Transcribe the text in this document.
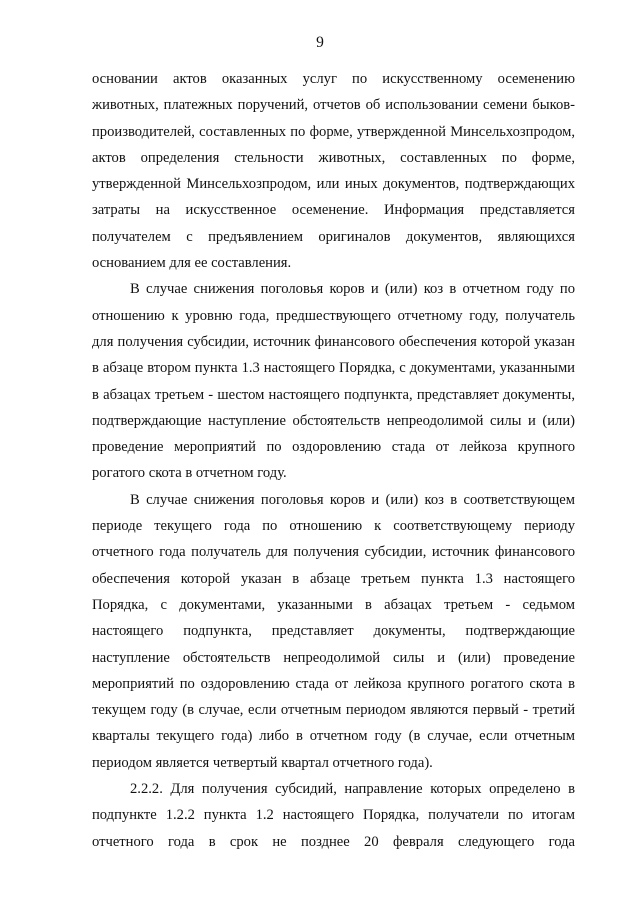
9

основании актов оказанных услуг по искусственному осеменению животных, платежных поручений, отчетов об использовании семени быков-производителей, составленных по форме, утвержденной Минсельхозпродом, актов определения стельности животных, составленных по форме, утвержденной Минсельхозпродом, или иных документов, подтверждающих затраты на искусственное осеменение. Информация представляется получателем с предъявлением оригиналов документов, являющихся основанием для ее составления.

В случае снижения поголовья коров и (или) коз в отчетном году по отношению к уровню года, предшествующего отчетному году, получатель для получения субсидии, источник финансового обеспечения которой указан в абзаце втором пункта 1.3 настоящего Порядка, с документами, указанными в абзацах третьем - шестом настоящего подпункта, представляет документы, подтверждающие наступление обстоятельств непреодолимой силы и (или) проведение мероприятий по оздоровлению стада от лейкоза крупного рогатого скота в отчетном году.

В случае снижения поголовья коров и (или) коз в соответствующем периоде текущего года по отношению к соответствующему периоду отчетного года получатель для получения субсидии, источник финансового обеспечения которой указан в абзаце третьем пункта 1.3 настоящего Порядка, с документами, указанными в абзацах третьем - седьмом настоящего подпункта, представляет документы, подтверждающие наступление обстоятельств непреодолимой силы и (или) проведение мероприятий по оздоровлению стада от лейкоза крупного рогатого скота в текущем году (в случае, если отчетным периодом являются первый - третий кварталы текущего года) либо в отчетном году (в случае, если отчетным периодом является четвертый квартал отчетного года).

2.2.2. Для получения субсидий, направление которых определено в подпункте 1.2.2 пункта 1.2 настоящего Порядка, получатели по итогам отчетного года в срок не позднее 20 февраля следующего года
